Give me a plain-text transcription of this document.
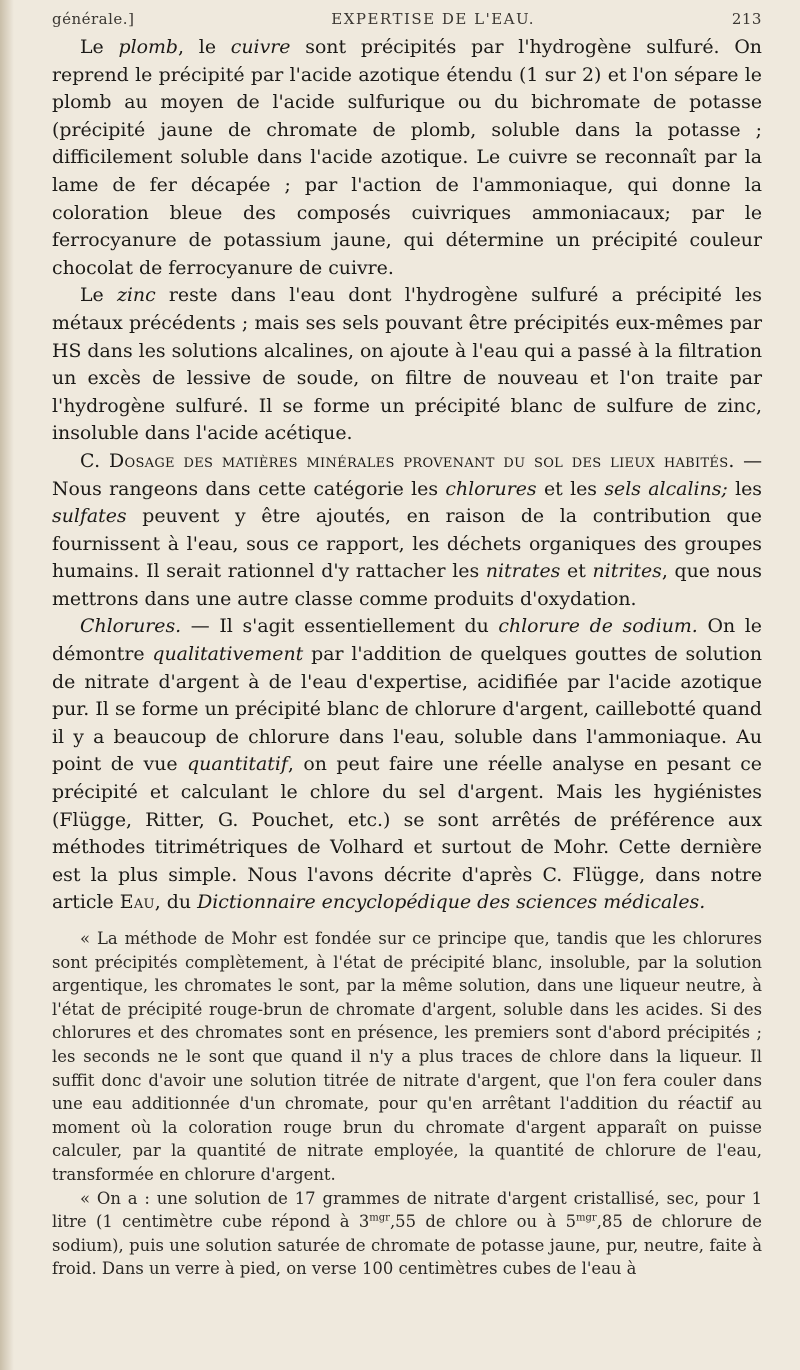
générale.]	EXPERTISE DE L'EAU.	213

Le plomb, le cuivre sont précipités par l'hydrogène sulfuré. On reprend le précipité par l'acide azotique étendu (1 sur 2) et l'on sépare le plomb au moyen de l'acide sulfurique ou du bichromate de potasse (précipité jaune de chromate de plomb, soluble dans la potasse ; difficilement soluble dans l'acide azotique. Le cuivre se reconnaît par la lame de fer décapée ; par l'action de l'ammoniaque, qui donne la coloration bleue des composés cuivriques ammoniacaux; par le ferrocyanure de potassium jaune, qui détermine un précipité couleur chocolat de ferrocyanure de cuivre.

Le zinc reste dans l'eau dont l'hydrogène sulfuré a précipité les métaux précédents ; mais ses sels pouvant être précipités eux-mêmes par HS dans les solutions alcalines, on ajoute à l'eau qui a passé à la filtration un excès de lessive de soude, on filtre de nouveau et l'on traite par l'hydrogène sulfuré. Il se forme un précipité blanc de sulfure de zinc, insoluble dans l'acide acétique.

C. Dosage des matières minérales provenant du sol des lieux habités. — Nous rangeons dans cette catégorie les chlorures et les sels alcalins; les sulfates peuvent y être ajoutés, en raison de la contribution que fournissent à l'eau, sous ce rapport, les déchets organiques des groupes humains. Il serait rationnel d'y rattacher les nitrates et nitrites, que nous mettrons dans une autre classe comme produits d'oxydation.

Chlorures. — Il s'agit essentiellement du chlorure de sodium. On le démontre qualitativement par l'addition de quelques gouttes de solution de nitrate d'argent à de l'eau d'expertise, acidifiée par l'acide azotique pur. Il se forme un précipité blanc de chlorure d'argent, caillebotté quand il y a beaucoup de chlorure dans l'eau, soluble dans l'ammoniaque. Au point de vue quantitatif, on peut faire une réelle analyse en pesant ce précipité et calculant le chlore du sel d'argent. Mais les hygiénistes (Flügge, Ritter, G. Pouchet, etc.) se sont arrêtés de préférence aux méthodes titrimétriques de Volhard et surtout de Mohr. Cette dernière est la plus simple. Nous l'avons décrite d'après C. Flügge, dans notre article Eau, du Dictionnaire encyclopédique des sciences médicales.

« La méthode de Mohr est fondée sur ce principe que, tandis que les chlorures sont précipités complètement, à l'état de précipité blanc, insoluble, par la solution argentique, les chromates le sont, par la même solution, dans une liqueur neutre, à l'état de précipité rouge-brun de chromate d'argent, soluble dans les acides. Si des chlorures et des chromates sont en présence, les premiers sont d'abord précipités ; les seconds ne le sont que quand il n'y a plus traces de chlore dans la liqueur. Il suffit donc d'avoir une solution titrée de nitrate d'argent, que l'on fera couler dans une eau additionnée d'un chromate, pour qu'en arrêtant l'addition du réactif au moment où la coloration rouge brun du chromate d'argent apparaît on puisse calculer, par la quantité de nitrate employée, la quantité de chlorure de l'eau, transformée en chlorure d'argent.

« On a : une solution de 17 grammes de nitrate d'argent cristallisé, sec, pour 1 litre (1 centimètre cube répond à $3^{mgr},55$ de chlore ou à $5^{mgr},85$ de chlorure de sodium), puis une solution saturée de chromate de potasse jaune, pur, neutre, faite à froid. Dans un verre à pied, on verse 100 centimètres cubes de l'eau à
